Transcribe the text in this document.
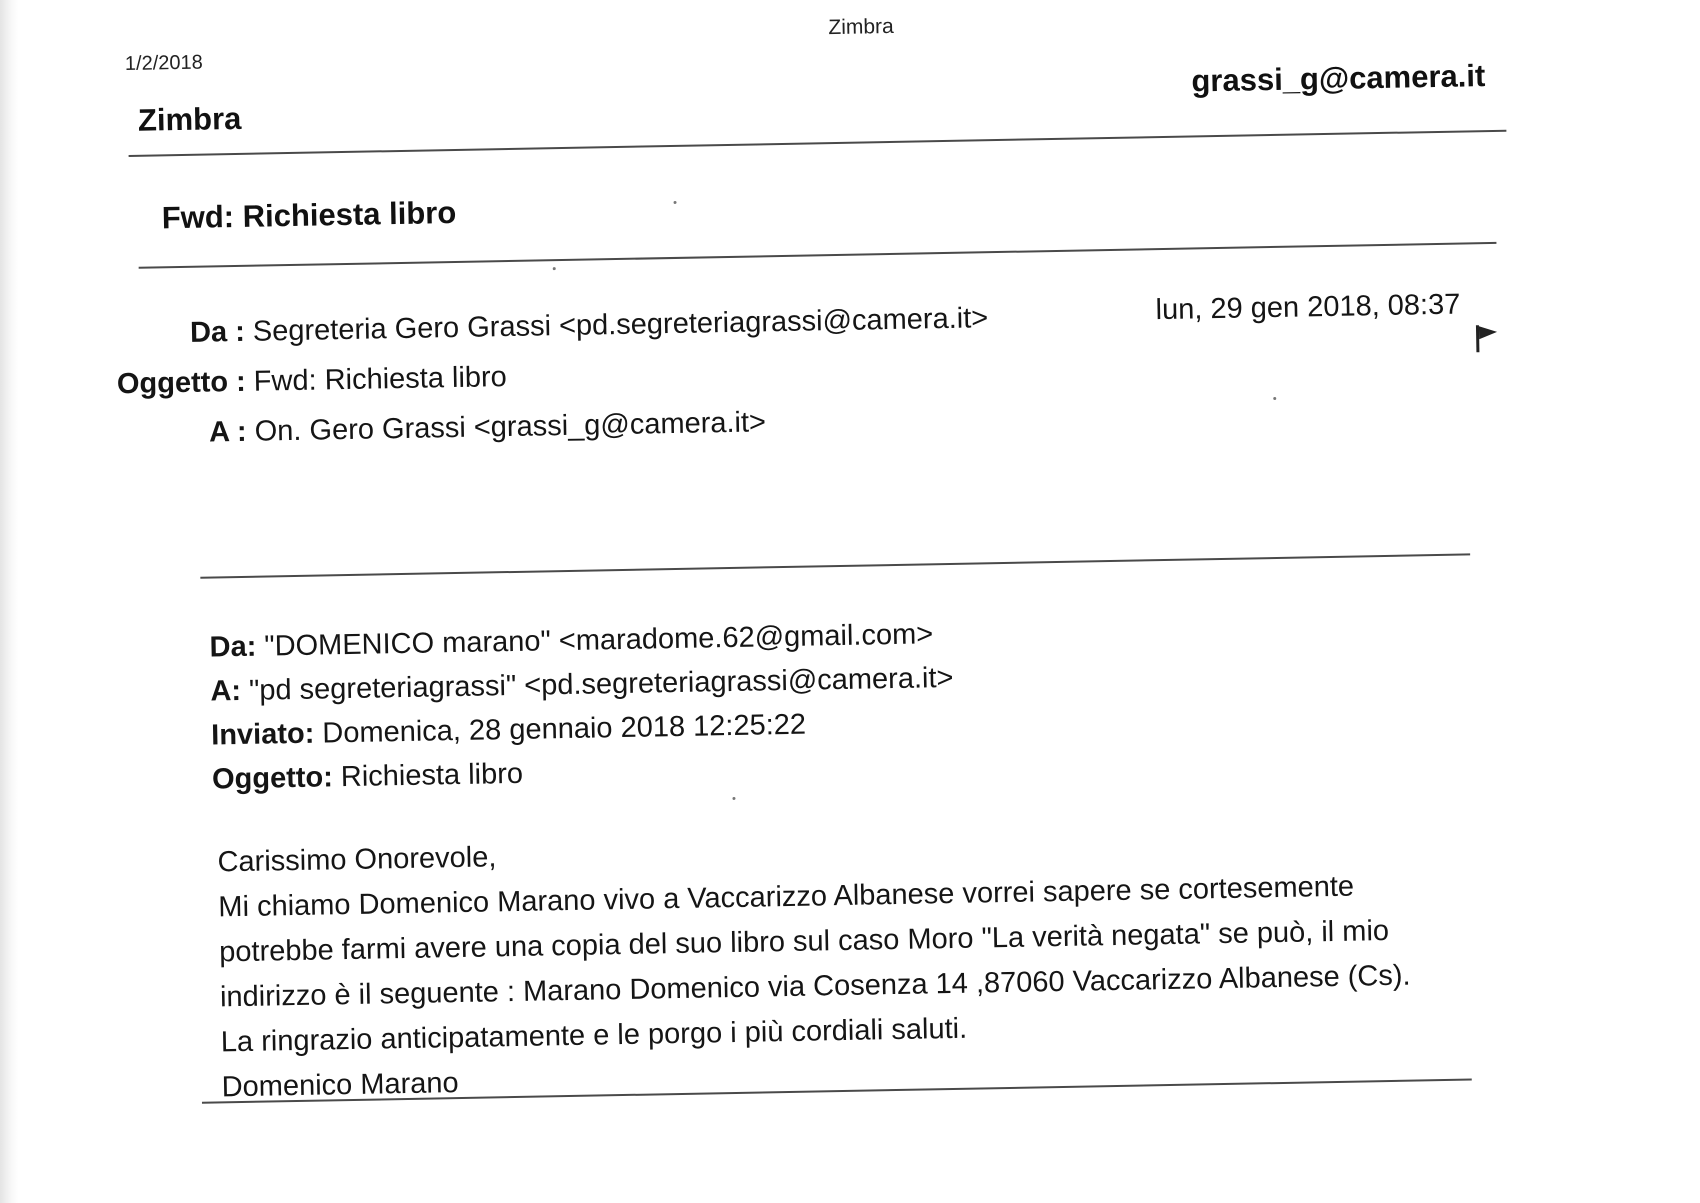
Zimbra
1/2/2018
Zimbra
grassi_g@camera.it
Fwd: Richiesta libro
Da : Segreteria Gero Grassi <pd.segreteriagrassi@camera.it>	lun, 29 gen 2018, 08:37
Oggetto : Fwd: Richiesta libro
A : On. Gero Grassi <grassi_g@camera.it>
Da: "DOMENICO marano" <maradome.62@gmail.com>
A: "pd segreteriagrassi" <pd.segreteriagrassi@camera.it>
Inviato: Domenica, 28 gennaio 2018 12:25:22
Oggetto: Richiesta libro
Carissimo Onorevole,
Mi chiamo Domenico Marano vivo a Vaccarizzo Albanese vorrei sapere se cortesemente
potrebbe farmi avere una copia del suo libro sul caso Moro "La verità negata" se può, il mio
indirizzo è il seguente : Marano Domenico via Cosenza 14 ,87060 Vaccarizzo Albanese (Cs).
La ringrazio anticipatamente e le porgo i più cordiali saluti.
Domenico Marano
